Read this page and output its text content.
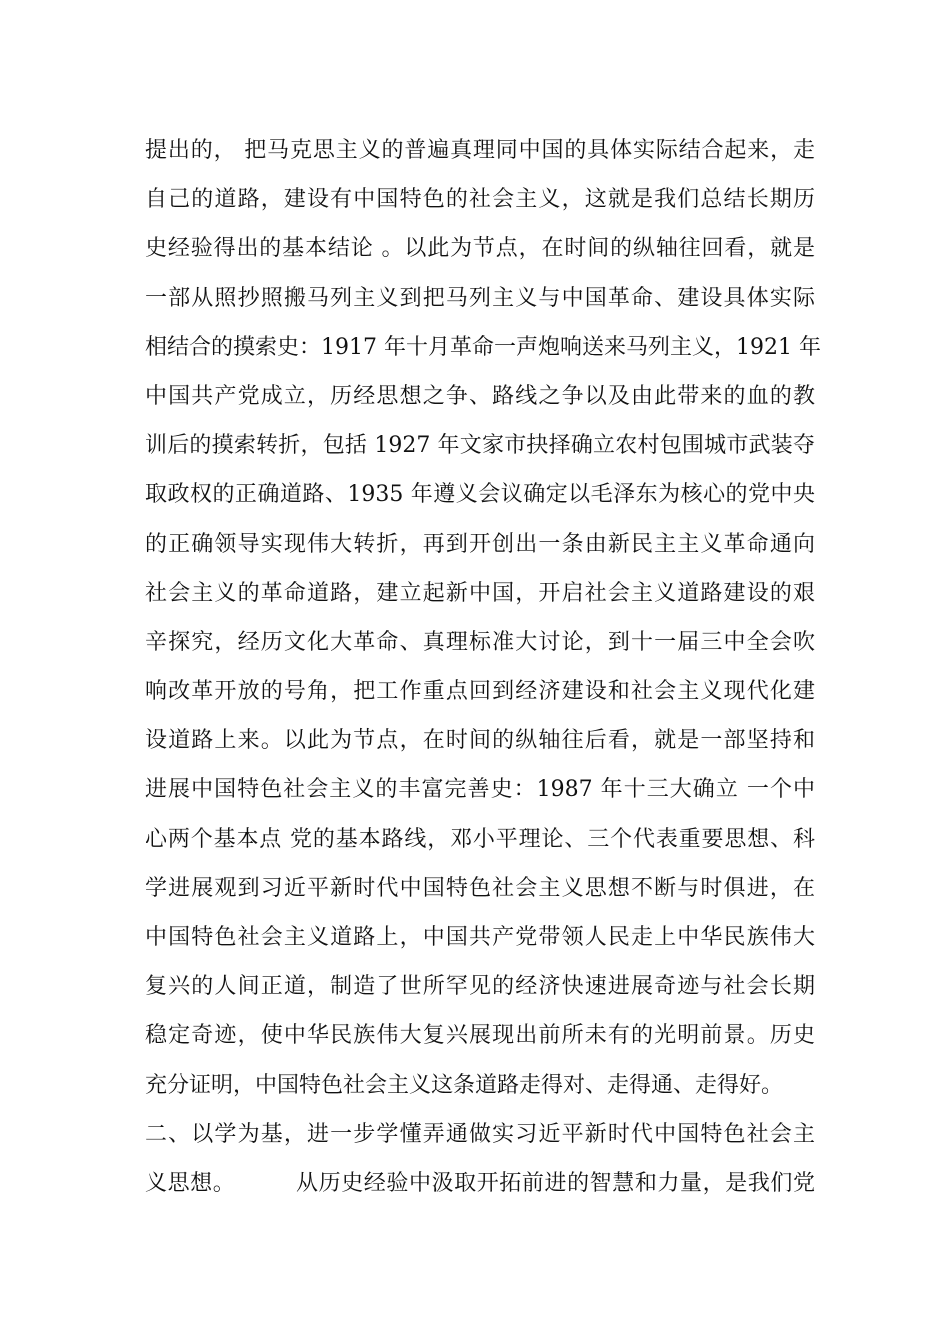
提出的， 把马克思主义的普遍真理同中国的具体实际结合起来，走
自己的道路，建设有中国特色的社会主义，这就是我们总结长期历
史经验得出的基本结论 。以此为节点，在时间的纵轴往回看，就是
一部从照抄照搬马列主义到把马列主义与中国革命、建设具体实际
相结合的摸索史：1917 年十月革命一声炮响送来马列主义，1921 年
中国共产党成立，历经思想之争、路线之争以及由此带来的血的教
训后的摸索转折，包括 1927 年文家市抉择确立农村包围城市武装夺
取政权的正确道路、1935 年遵义会议确定以毛泽东为核心的党中央
的正确领导实现伟大转折，再到开创出一条由新民主主义革命通向
社会主义的革命道路，建立起新中国，开启社会主义道路建设的艰
辛探究，经历文化大革命、真理标准大讨论，到十一届三中全会吹
响改革开放的号角，把工作重点回到经济建设和社会主义现代化建
设道路上来。以此为节点，在时间的纵轴往后看，就是一部坚持和
进展中国特色社会主义的丰富完善史：1987 年十三大确立 一个中
心两个基本点 党的基本路线，邓小平理论、三个代表重要思想、科
学进展观到习近平新时代中国特色社会主义思想不断与时俱进，在
中国特色社会主义道路上，中国共产党带领人民走上中华民族伟大
复兴的人间正道，制造了世所罕见的经济快速进展奇迹与社会长期
稳定奇迹，使中华民族伟大复兴展现出前所未有的光明前景。历史
充分证明，中国特色社会主义这条道路走得对、走得通、走得好。
二、以学为基，进一步学懂弄通做实习近平新时代中国特色社会主
义思想。        从历史经验中汲取开拓前进的智慧和力量，是我们党
